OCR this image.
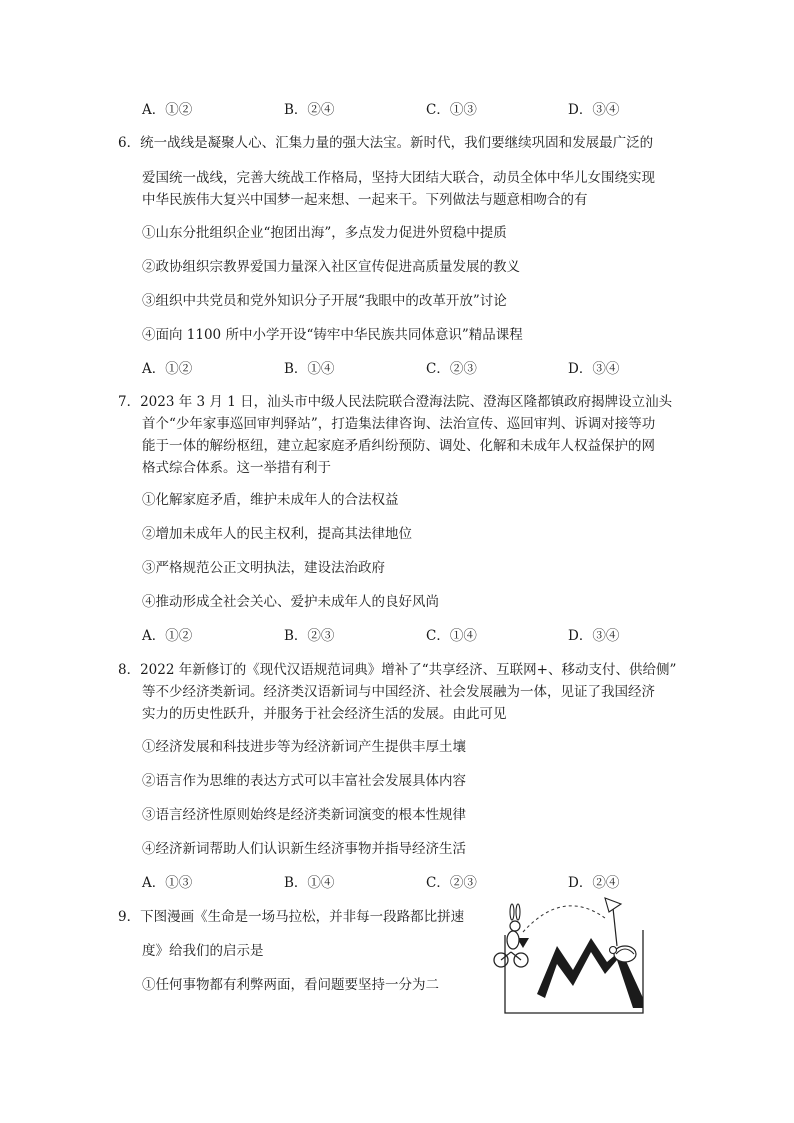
A．①②	B．②④	C．①③	D．③④
6．统一战线是凝聚人心、汇集力量的强大法宝。新时代，我们要继续巩固和发展最广泛的
爱国统一战线，完善大统战工作格局，坚持大团结大联合，动员全体中华儿女围绕实现
中华民族伟大复兴中国梦一起来想、一起来干。下列做法与题意相吻合的有
①山东分批组织企业“抱团出海”，多点发力促进外贸稳中提质
②政协组织宗教界爱国力量深入社区宣传促进高质量发展的教义
③组织中共党员和党外知识分子开展“我眼中的改革开放”讨论
④面向 1100 所中小学开设“铸牢中华民族共同体意识”精品课程
A．①②	B．①④	C．②③	D．③④
7．2023 年 3 月 1 日，汕头市中级人民法院联合澄海法院、澄海区隆都镇政府揭牌设立汕头
首个“少年家事巡回审判驿站”，打造集法律咨询、法治宣传、巡回审判、诉调对接等功
能于一体的解纷枢纽，建立起家庭矛盾纠纷预防、调处、化解和未成年人权益保护的网
格式综合体系。这一举措有利于
①化解家庭矛盾，维护未成年人的合法权益
②增加未成年人的民主权利，提高其法律地位
③严格规范公正文明执法，建设法治政府
④推动形成全社会关心、爱护未成年人的良好风尚
A．①②	B．②③	C．①④	D．③④
8．2022 年新修订的《现代汉语规范词典》增补了“共享经济、互联网+、移动支付、供给侧”
等不少经济类新词。经济类汉语新词与中国经济、社会发展融为一体，见证了我国经济
实力的历史性跃升，并服务于社会经济生活的发展。由此可见
①经济发展和科技进步等为经济新词产生提供丰厚土壤
②语言作为思维的表达方式可以丰富社会发展具体内容
③语言经济性原则始终是经济类新词演变的根本性规律
④经济新词帮助人们认识新生经济事物并指导经济生活
A．①③	B．①④	C．②③	D．②④
9．下图漫画《生命是一场马拉松，并非每一段路都比拼速
度》给我们的启示是
①任何事物都有利弊两面，看问题要坚持一分为二
